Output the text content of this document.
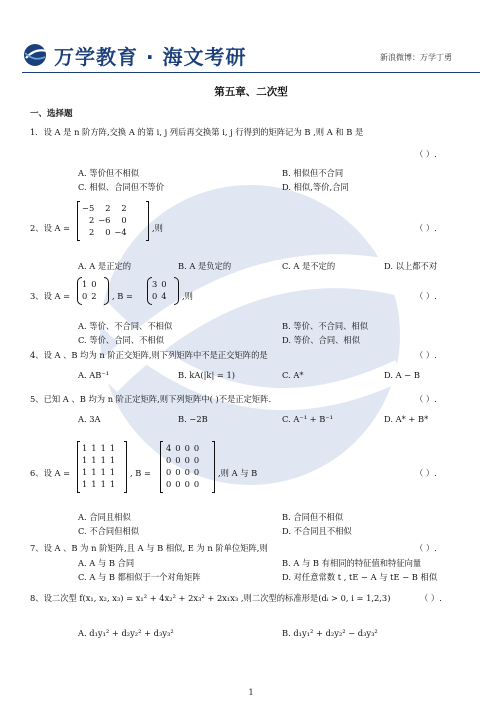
万学教育 · 海文考研	新浪微博：万学丁勇
第五章、二次型
一、选择题
1．设 A 是 n 阶方阵,交换 A 的第 i, j 列后再交换第 i, j 行得到的矩阵记为 B ,则 A 和 B 是
（ ）.
A. 等价但不相似	B. 相似但不合同
C. 相似、合同但不等价	D. 相似,等价,合同
2、设 A =
−5	2	2
2	−6	0
2	0	−4	,则	（ ）.
A. A 是正定的	B. A 是负定的	C. A 是不定的	D. 以上都不对
3、设 A =
1	0
0	2 , B =
3	0
0	4 ,则	（ ）.
A. 等价、不合同、不相似	B. 等价、不合同、相似
C. 等价、合同、不相似	D. 等价、合同、相似
4、设 A 、B 均为 n 阶正交矩阵,则下列矩阵中不是正交矩阵的是	（ ）.
A. AB⁻¹	B. kA(|k| = 1)	C. A*	D. A − B
5、已知 A 、B 均为 n 阶正定矩阵,则下列矩阵中( )不是正定矩阵.	（ ）.
A. 3A	B. −2B	C. A⁻¹ + B⁻¹	D. A* + B*
6、设 A =
1	1	1	1
1	1	1	1
1	1	1	1
1	1	1	1
, B =
4	0	0	0
0	0	0	0
0	0	0	0
0	0	0	0
,则 A 与 B	（ ）.
A. 合同且相似	B. 合同但不相似
C. 不合同但相似	D. 不合同且不相似
7、设 A 、B 为 n 阶矩阵,且 A 与 B 相似, E 为 n 阶单位矩阵,则	（ ）.
A. A 与 B 合同	B. A 与 B 有相同的特征值和特征向量
C. A 与 B 都相似于一个对角矩阵	D. 对任意常数 t , tE − A 与 tE − B 相似
8、设二次型 f(x₁, x₂, x₃) = x₁² + 4x₂² + 2x₃² + 2x₁x₃ ,则二次型的标准形是(dᵢ > 0, i = 1,2,3)	（ ）.
A. d₁y₁² + d₂y₂² + d₃y₃²	B. d₁y₁² + d₂y₂² − d₃y₃²
1
